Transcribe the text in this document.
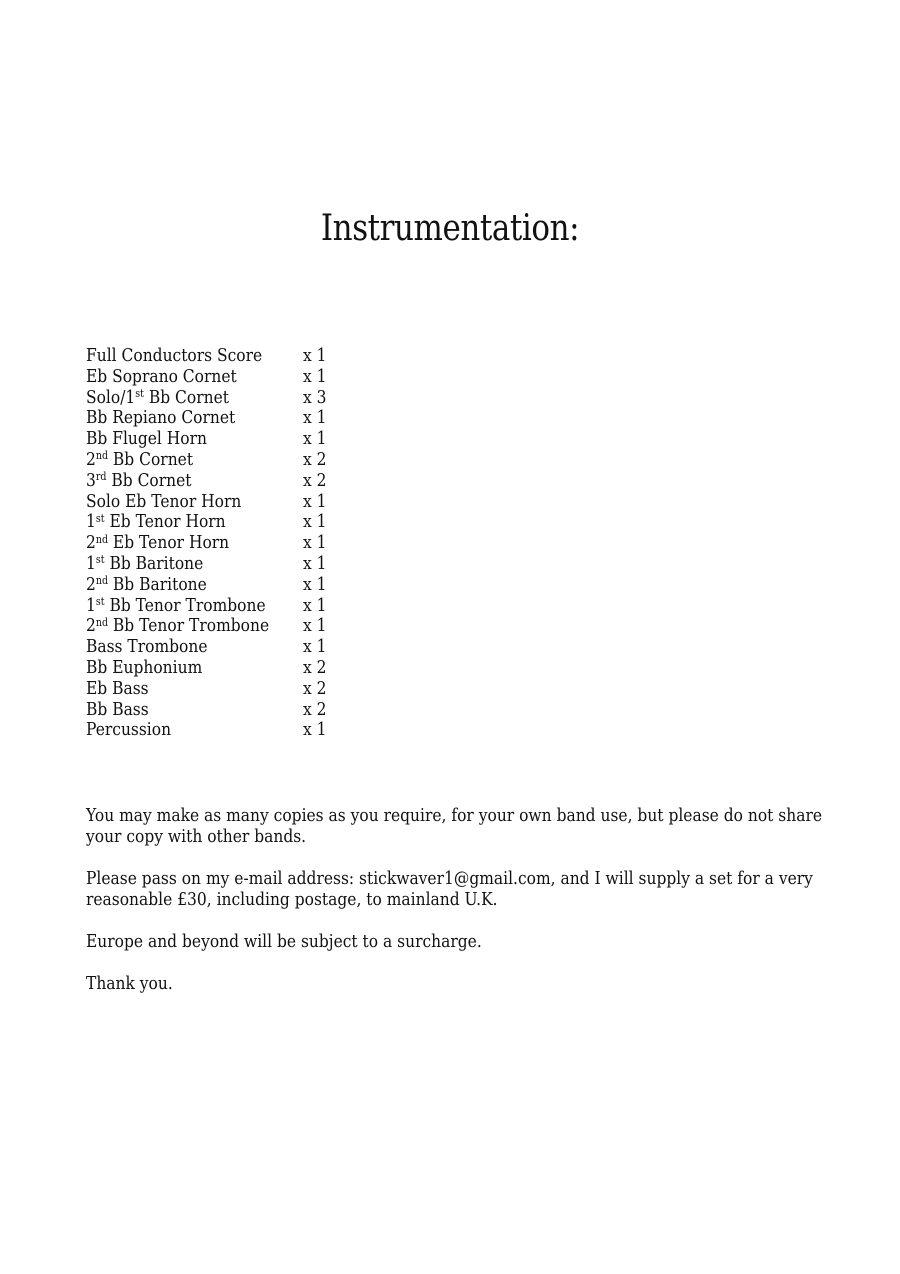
Instrumentation:
Full Conductors Score x 1
Eb Soprano Cornet	x 1
Solo/1st Bb Cornet	x 3
Bb Repiano Cornet	x 1
Bb Flugel Horn	x 1
2nd Bb Cornet	x 2
3rd Bb Cornet	x 2
Solo Eb Tenor Horn	x 1
1st Eb Tenor Horn	x 1
2nd Eb Tenor Horn	x 1
1st Bb Baritone	x 1
2nd Bb Baritone	x 1
1st Bb Tenor Trombone x 1
2nd Bb Tenor Trombone x 1
Bass Trombone	x 1
Bb Euphonium	x 2
Eb Bass	x 2
Bb Bass	x 2
Percussion	x 1

You may make as many copies as you require, for your own band use, but please do not share your copy with other bands.

Please pass on my e-mail address: stickwaver1@gmail.com, and I will supply a set for a very reasonable £30, including postage, to mainland U.K.

Europe and beyond will be subject to a surcharge.

Thank you.
